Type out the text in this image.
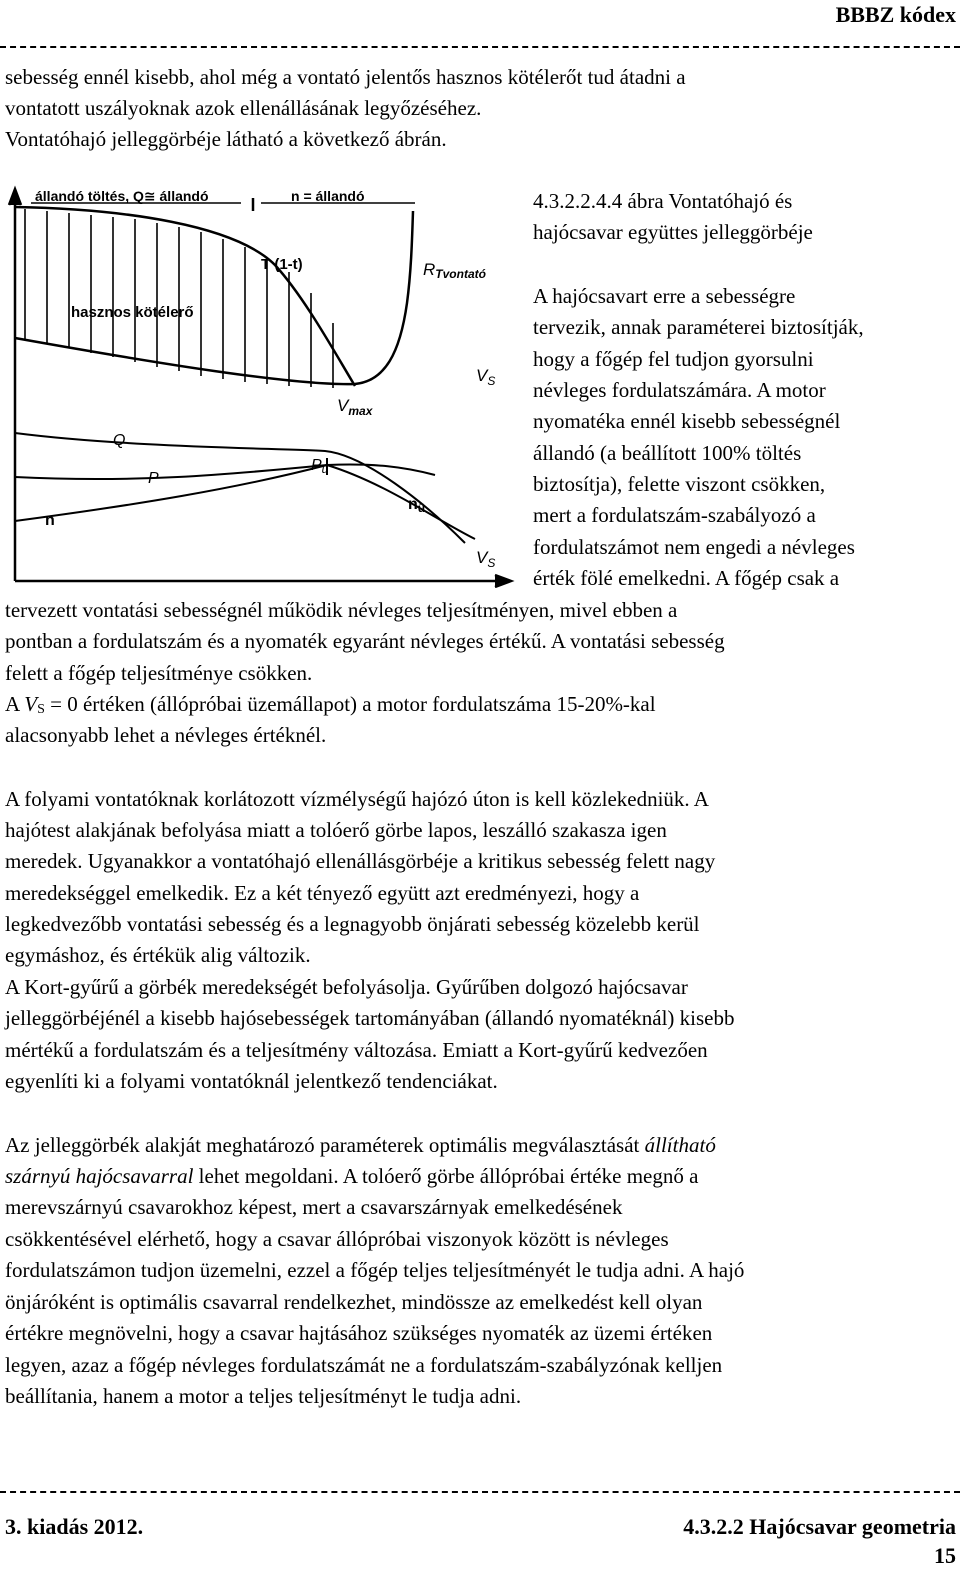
BBBZ kódex

sebesség ennél kisebb, ahol még a vontató jelentős hasznos kötélerőt tud átadni a

vontatott uszályoknak azok ellenállásának legyőzéséhez.

Vontatóhajó jelleggörbéje látható a következő ábrán.

állandó töltés, Q≅ állandó	n = állandó
T (1-t)	RTvontató
hasznos kötélerő
$V_S$
$V_{max}$
Q
P
Pü
nü
n
$V_S$
4.3.2.2.4.4 ábra Vontatóhajó és
hajócsavar együttes jelleggörbéje
A hajócsavart erre a sebességre
tervezik, annak paraméterei biztosítják,
hogy a főgép fel tudjon gyorsulni
névleges fordulatszámára. A motor
nyomatéka ennél kisebb sebességnél
állandó (a beállított 100% töltés
biztosítja), felette viszont csökken,
mert a fordulatszám-szabályozó a
fordulatszámot nem engedi a névleges
érték fölé emelkedni. A főgép csak a

tervezett vontatási sebességnél működik névleges teljesítményen, mivel ebben a

pontban a fordulatszám és a nyomaték egyaránt névleges értékű. A vontatási sebesség

felett a főgép teljesítménye csökken.

A VS = 0 értéken (állópróbai üzemállapot) a motor fordulatszáma 15-20%-kal

alacsonyabb lehet a névleges értéknél.

A folyami vontatóknak korlátozott vízmélységű hajózó úton is kell közlekedniük. A

hajótest alakjának befolyása miatt a tolóerő görbe lapos, leszálló szakasza igen

meredek. Ugyanakkor a vontatóhajó ellenállásgörbéje a kritikus sebesség felett nagy

meredekséggel emelkedik. Ez a két tényező együtt azt eredményezi, hogy a

legkedvezőbb vontatási sebesség és a legnagyobb önjárati sebesség közelebb kerül

egymáshoz, és értékük alig változik.

A Kort-gyűrű a görbék meredekségét befolyásolja. Gyűrűben dolgozó hajócsavar

jelleggörbéjénél a kisebb hajósebességek tartományában (állandó nyomatéknál) kisebb

mértékű a fordulatszám és a teljesítmény változása. Emiatt a Kort-gyűrű kedvezően

egyenlíti ki a folyami vontatóknál jelentkező tendenciákat.

Az jelleggörbék alakját meghatározó paraméterek optimális megválasztását állítható

szárnyú hajócsavarral lehet megoldani. A tolóerő görbe állópróbai értéke megnő a

merevszárnyú csavarokhoz képest, mert a csavarszárnyak emelkedésének

csökkentésével elérhető, hogy a csavar állópróbai viszonyok között is névleges

fordulatszámon tudjon üzemelni, ezzel a főgép teljes teljesítményét le tudja adni. A hajó

önjáróként is optimális csavarral rendelkezhet, mindössze az emelkedést kell olyan

értékre megnövelni, hogy a csavar hajtásához szükséges nyomaték az üzemi értéken

legyen, azaz a főgép névleges fordulatszámát ne a fordulatszám-szabályzónak kelljen

beállítania, hanem a motor a teljes teljesítményt le tudja adni.

3. kiadás 2012.	4.3.2.2 Hajócsavar geometria
15
